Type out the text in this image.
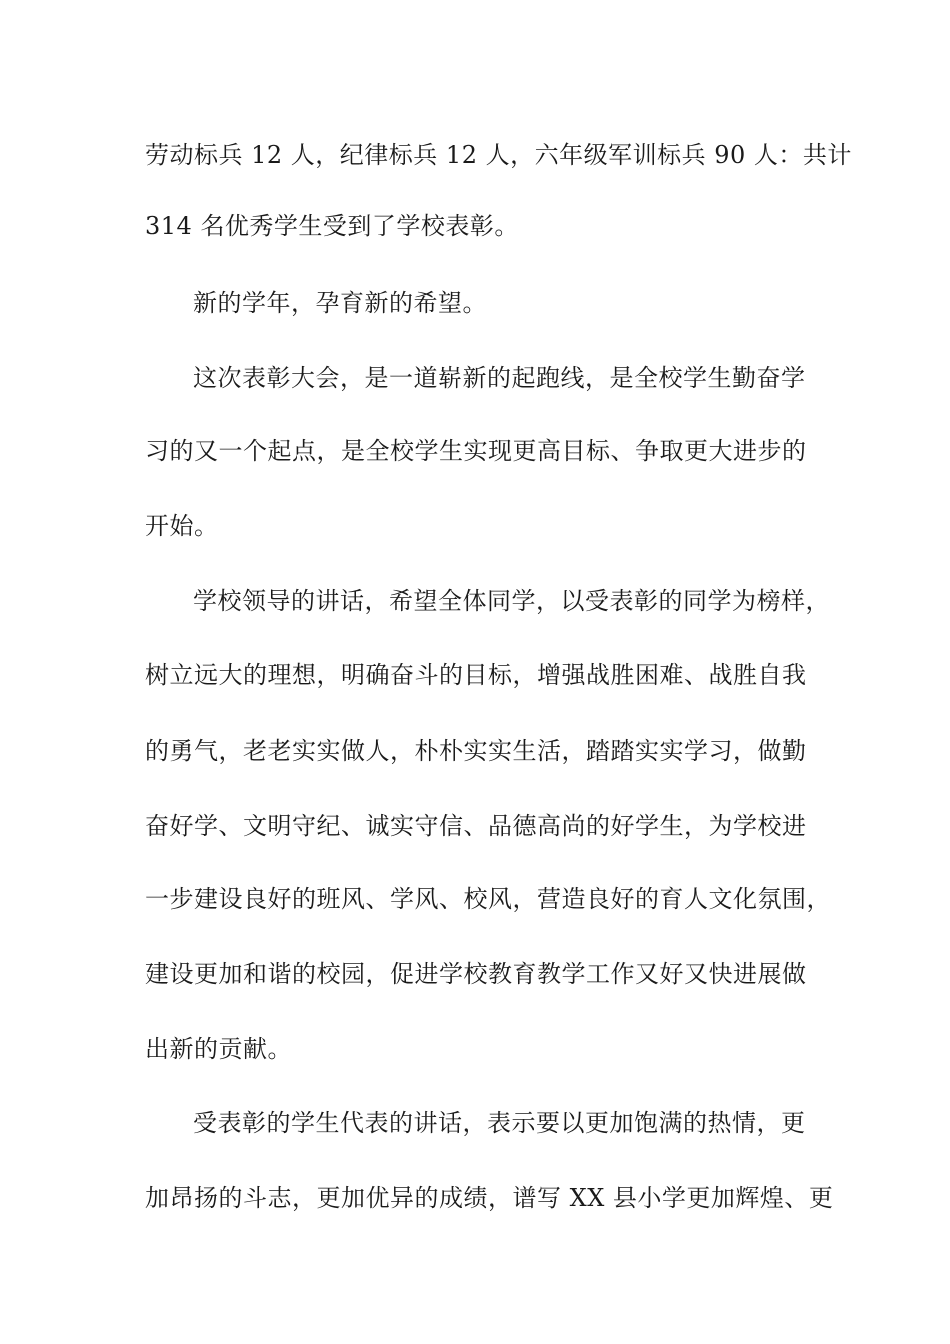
劳动标兵 12 人，纪律标兵 12 人，六年级军训标兵 90 人：共计
314 名优秀学生受到了学校表彰。
新的学年，孕育新的希望。
这次表彰大会，是一道崭新的起跑线，是全校学生勤奋学
习的又一个起点，是全校学生实现更高目标、争取更大进步的
开始。
学校领导的讲话，希望全体同学，以受表彰的同学为榜样，
树立远大的理想，明确奋斗的目标，增强战胜困难、战胜自我
的勇气，老老实实做人，朴朴实实生活，踏踏实实学习，做勤
奋好学、文明守纪、诚实守信、品德高尚的好学生，为学校进
一步建设良好的班风、学风、校风，营造良好的育人文化氛围，
建设更加和谐的校园，促进学校教育教学工作又好又快进展做
出新的贡献。
受表彰的学生代表的讲话，表示要以更加饱满的热情，更
加昂扬的斗志，更加优异的成绩，谱写 XX 县小学更加辉煌、更
